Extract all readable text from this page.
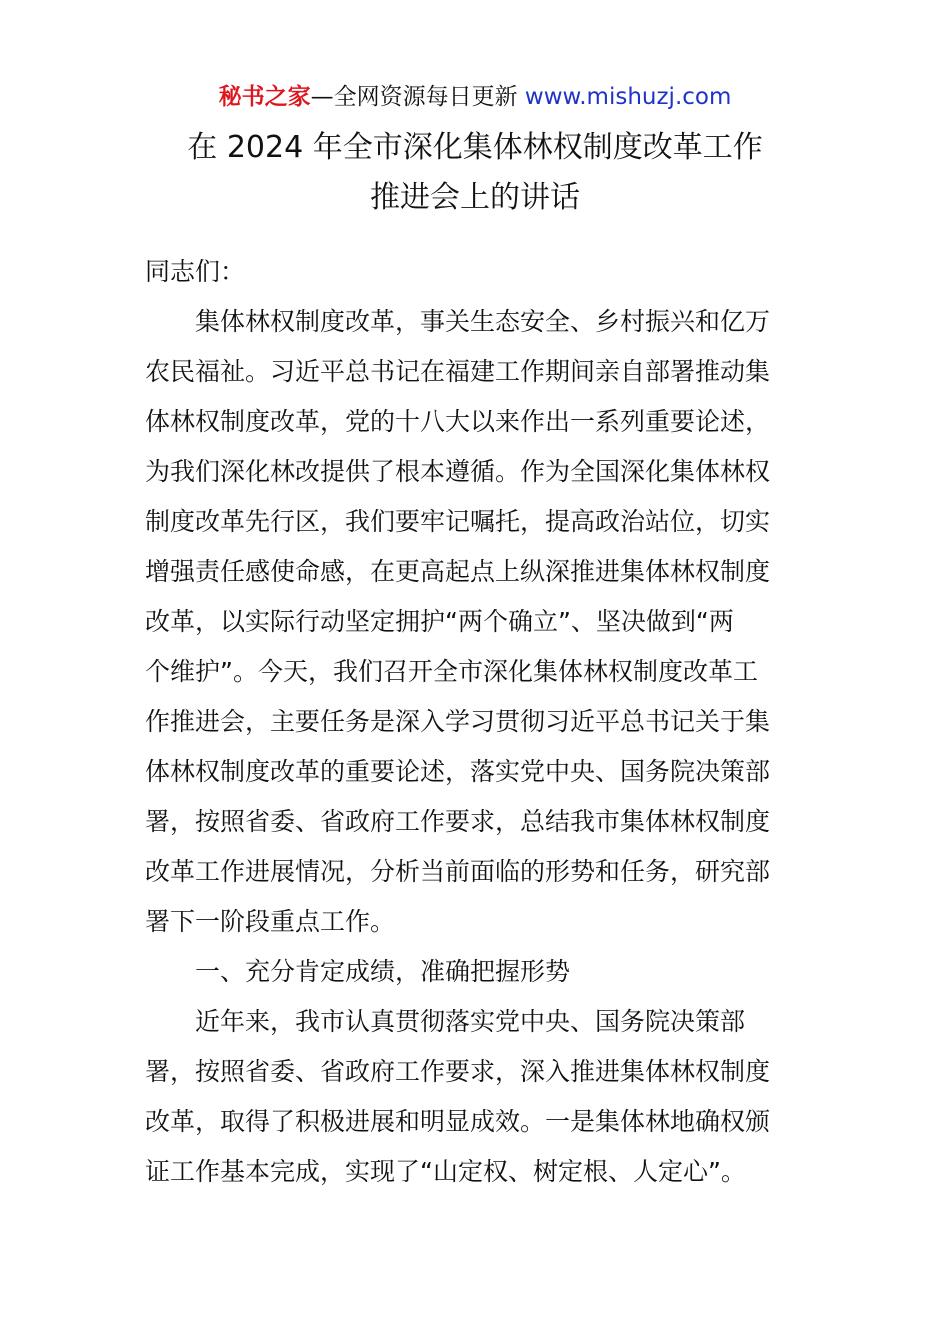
秘书之家—全网资源每日更新 www.mishuzj.com
在 2024 年全市深化集体林权制度改革工作
推进会上的讲话
同志们：
集体林权制度改革，事关生态安全、乡村振兴和亿万
农民福祉。习近平总书记在福建工作期间亲自部署推动集
体林权制度改革，党的十八大以来作出一系列重要论述，
为我们深化林改提供了根本遵循。作为全国深化集体林权
制度改革先行区，我们要牢记嘱托，提高政治站位，切实
增强责任感使命感，在更高起点上纵深推进集体林权制度
改革，以实际行动坚定拥护“两个确立”、坚决做到“两
个维护”。今天，我们召开全市深化集体林权制度改革工
作推进会，主要任务是深入学习贯彻习近平总书记关于集
体林权制度改革的重要论述，落实党中央、国务院决策部
署，按照省委、省政府工作要求，总结我市集体林权制度
改革工作进展情况，分析当前面临的形势和任务，研究部
署下一阶段重点工作。
一、充分肯定成绩，准确把握形势
近年来，我市认真贯彻落实党中央、国务院决策部
署，按照省委、省政府工作要求，深入推进集体林权制度
改革，取得了积极进展和明显成效。一是集体林地确权颁
证工作基本完成，实现了“山定权、树定根、人定心”。
